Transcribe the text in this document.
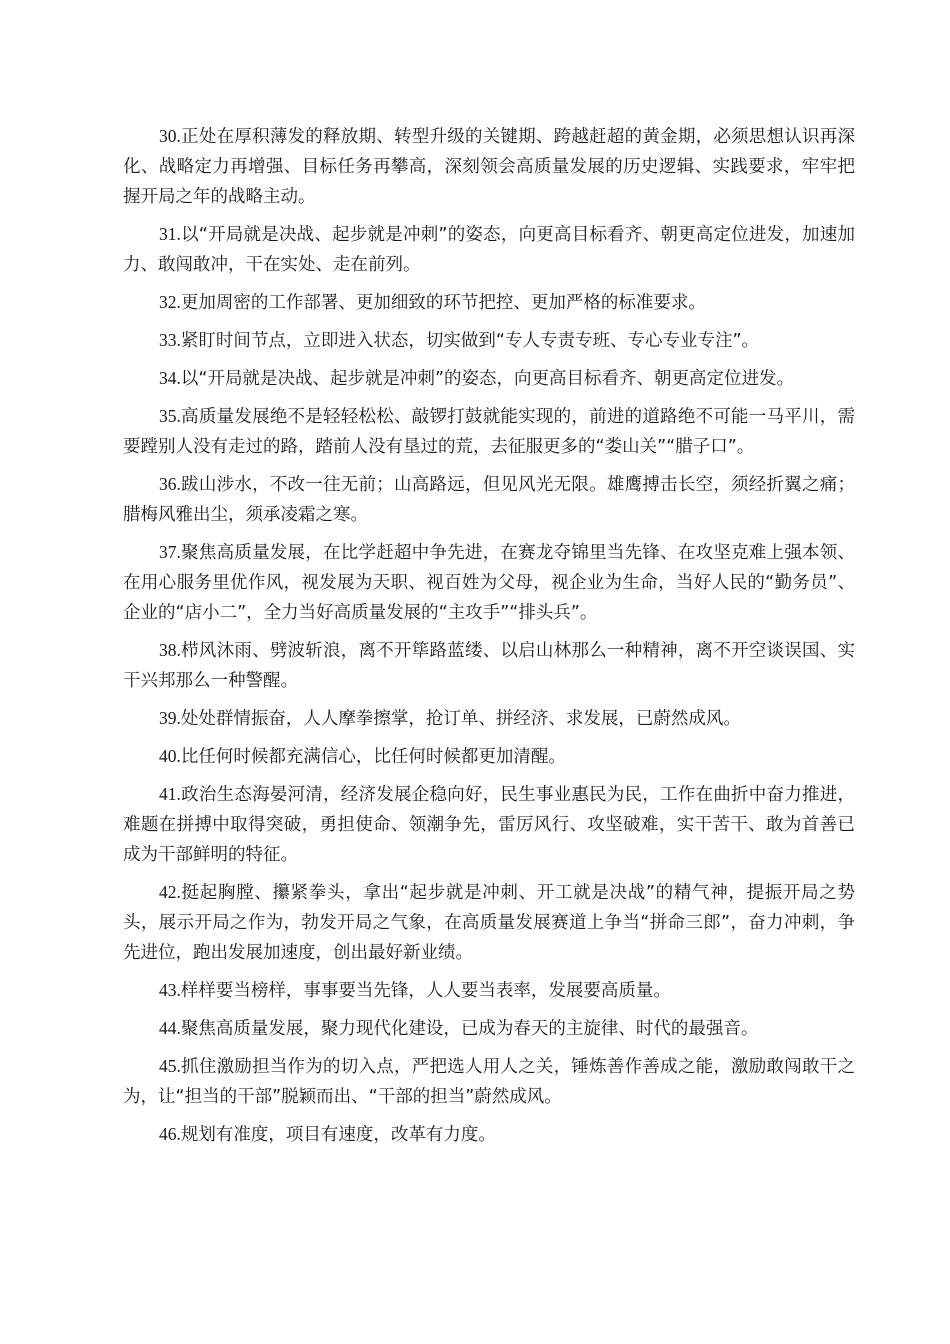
30.正处在厚积薄发的释放期、转型升级的关键期、跨越赶超的黄金期，必须思想认识再深化、战略定力再增强、目标任务再攀高，深刻领会高质量发展的历史逻辑、实践要求，牢牢把握开局之年的战略主动。

31.以“开局就是决战、起步就是冲刺”的姿态，向更高目标看齐、朝更高定位进发，加速加力、敢闯敢冲，干在实处、走在前列。

32.更加周密的工作部署、更加细致的环节把控、更加严格的标准要求。

33.紧盯时间节点，立即进入状态，切实做到“专人专责专班、专心专业专注”。

34.以“开局就是决战、起步就是冲刺”的姿态，向更高目标看齐、朝更高定位进发。

35.高质量发展绝不是轻轻松松、敲锣打鼓就能实现的，前进的道路绝不可能一马平川，需要蹚别人没有走过的路，踏前人没有垦过的荒，去征服更多的“娄山关”“腊子口”。

36.跋山涉水，不改一往无前；山高路远，但见风光无限。雄鹰搏击长空，须经折翼之痛；腊梅风雅出尘，须承凌霜之寒。

37.聚焦高质量发展，在比学赶超中争先进，在赛龙夺锦里当先锋、在攻坚克难上强本领、在用心服务里优作风，视发展为天职、视百姓为父母，视企业为生命，当好人民的“勤务员”、企业的“店小二”，全力当好高质量发展的“主攻手”“排头兵”。

38.栉风沐雨、劈波斩浪，离不开筚路蓝缕、以启山林那么一种精神，离不开空谈误国、实干兴邦那么一种警醒。

39.处处群情振奋，人人摩拳擦掌，抢订单、拼经济、求发展，已蔚然成风。

40.比任何时候都充满信心，比任何时候都更加清醒。

41.政治生态海晏河清，经济发展企稳向好，民生事业惠民为民，工作在曲折中奋力推进，难题在拼搏中取得突破，勇担使命、领潮争先，雷厉风行、攻坚破难，实干苦干、敢为首善已成为干部鲜明的特征。

42.挺起胸膛、攥紧拳头，拿出“起步就是冲刺、开工就是决战”的精气神，提振开局之势头，展示开局之作为，勃发开局之气象，在高质量发展赛道上争当“拼命三郎”，奋力冲刺，争先进位，跑出发展加速度，创出最好新业绩。

43.样样要当榜样，事事要当先锋，人人要当表率，发展要高质量。

44.聚焦高质量发展，聚力现代化建设，已成为春天的主旋律、时代的最强音。

45.抓住激励担当作为的切入点，严把选人用人之关，锤炼善作善成之能，激励敢闯敢干之为，让“担当的干部”脱颖而出、“干部的担当”蔚然成风。

46.规划有准度，项目有速度，改革有力度。
